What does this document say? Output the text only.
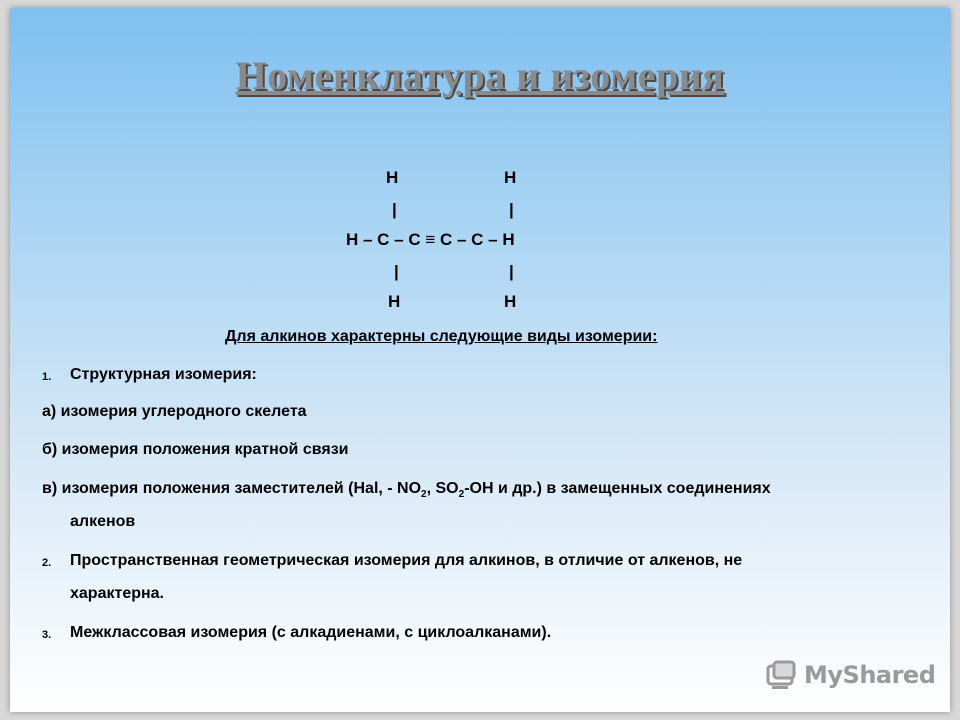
Номенклатура и изомерия
H	H
|	|
H – C – C ≡ C – C – H
|	|
H	H
Для алкинов характерны следующие виды изомерии:
1. Структурная изомерия:
а) изомерия углеродного скелета
б) изомерия положения кратной связи
в) изомерия положения заместителей (Hal, - $NO_2$, $SO_2-OH$ и др.) в замещенных соединениях
алкенов
2. Пространственная геометрическая изомерия для алкинов, в отличие от алкенов, не
характерна.
3. Межклассовая изомерия (с алкадиенами, с циклоалканами).
MyShared
